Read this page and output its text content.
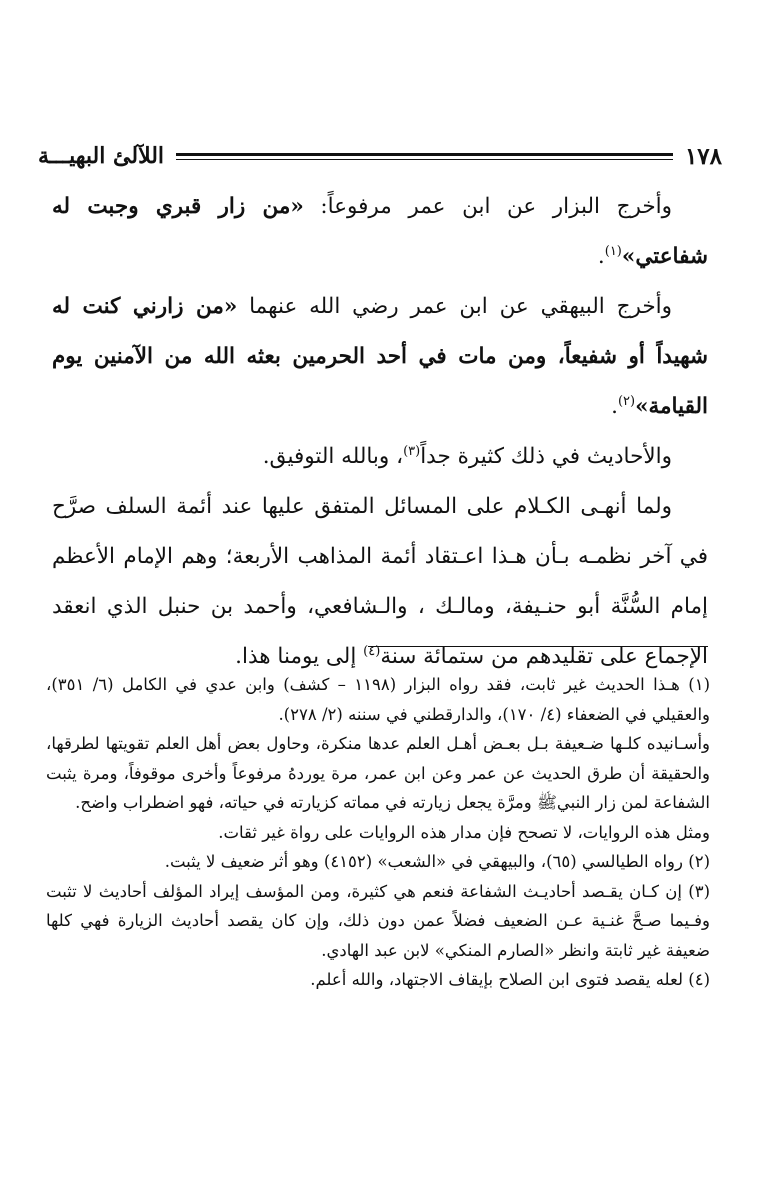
١٧٨
اللآلئ البهيـــة

وأخرج البزار عن ابن عمر مرفوعاً: «من زار قبري وجبت له شفاعتي»$^{(١)}$.

وأخرج البيهقي عن ابن عمر رضي الله عنهما «من زارني كنت له شهيداً أو شفيعاً، ومن مات في أحد الحرمين بعثه الله من الآمنين يوم القيامة»$^{(٢)}$.

والأحاديث في ذلك كثيرة جداً$^{(٣)}$، وبالله التوفيق.

ولما أنهـى الكـلام على المسائل المتفق عليها عند أئمة السلف صرَّح في آخر نظمـه بـأن هـذا اعـتقاد أئمة المذاهب الأربعة؛ وهم الإمام الأعظم إمام السُّنَّة أبو حنـيفة، ومالـك ، والـشافعي، وأحمد بن حنبل الذي انعقد الإجماع على تقليدهم من ستمائة سنة$^{(٤)}$ إلى يومنا هذا.

(١) هـذا الحديث غير ثابت، فقد رواه البزار (١١٩٨ – كشف) وابن عدي في الكامل (٦/ ٣٥١)، والعقيلي في الضعفاء (٤/ ١٧٠)، والدارقطني في سننه (٢/ ٢٧٨).

وأسـانيده كلـها ضـعيفة بـل بعـض أهـل العلم عدها منكرة، وحاول بعض أهل العلم تقويتها لطرقها، والحقيقة أن طرق الحديث عن عمر وعن ابن عمر، مرة يوردهُ مرفوعاً وأخرى موقوفاً، ومرة يثبت الشفاعة لمن زار النبيﷺ ومرَّة يجعل زيارته في مماته كزيارته في حياته، فهو اضطراب واضح.

ومثل هذه الروايات، لا تصحح فإن مدار هذه الروايات على رواة غير ثقات.

(٢) رواه الطيالسي (٦٥)، والبيهقي في «الشعب» (٤١٥٢) وهو أثر ضعيف لا يثبت.

(٣) إن كـان يقـصد أحاديـث الشفاعة فنعم هي كثيرة، ومن المؤسف إيراد المؤلف أحاديث لا تثبت وفـيما صـحَّ غنـية عـن الضعيف فضلاً عمن دون ذلك، وإن كان يقصد أحاديث الزيارة فهي كلها ضعيفة غير ثابتة وانظر «الصارم المنكي» لابن عبد الهادي.

(٤) لعله يقصد فتوى ابن الصلاح بإيقاف الاجتهاد، والله أعلم.
